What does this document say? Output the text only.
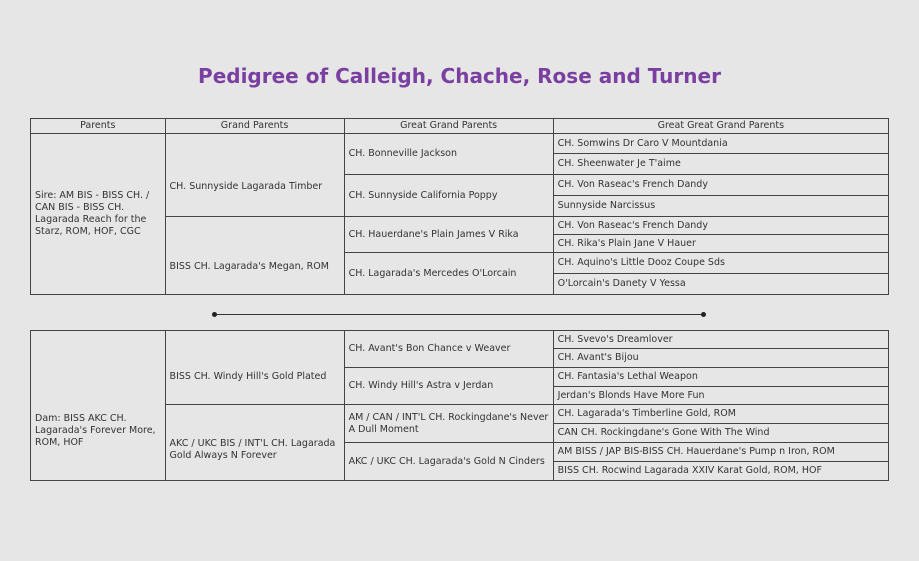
Pedigree of Calleigh, Chache, Rose and Turner
Parents	Grand Parents	Great Grand Parents	Great Great Grand Parents
Sire: AM BIS - BISS CH. / CAN BIS - BISS CH. Lagarada Reach for the Starz, ROM, HOF, CGC	CH. Sunnyside Lagarada Timber	CH. Bonneville Jackson	CH. Somwins Dr Caro V Mountdania
			CH. Sheenwater Je T'aime
		CH. Sunnyside California Poppy	CH. Von Raseac's French Dandy
			Sunnyside Narcissus
	BISS CH. Lagarada's Megan, ROM	CH. Hauerdane's Plain James V Rika	CH. Von Raseac's French Dandy
			CH. Rika's Plain Jane V Hauer
		CH. Lagarada's Mercedes O'Lorcain	CH. Aquino's Little Dooz Coupe Sds
			O'Lorcain's Danety V Yessa
Dam: BISS AKC CH. Lagarada's Forever More, ROM, HOF	BISS CH. Windy Hill's Gold Plated	CH. Avant's Bon Chance v Weaver	CH. Svevo's Dreamlover
			CH. Avant's Bijou
		CH. Windy Hill's Astra v Jerdan	CH. Fantasia's Lethal Weapon
			Jerdan's Blonds Have More Fun
	AKC / UKC BIS / INT'L CH. Lagarada Gold Always N Forever	AM / CAN / INT'L CH. Rockingdane's Never A Dull Moment	CH. Lagarada's Timberline Gold, ROM
			CAN CH. Rockingdane's Gone With The Wind
		AKC / UKC CH. Lagarada's Gold N Cinders	AM BISS / JAP BIS-BISS CH. Hauerdane's Pump n Iron, ROM
			BISS CH. Rocwind Lagarada XXIV Karat Gold, ROM, HOF
